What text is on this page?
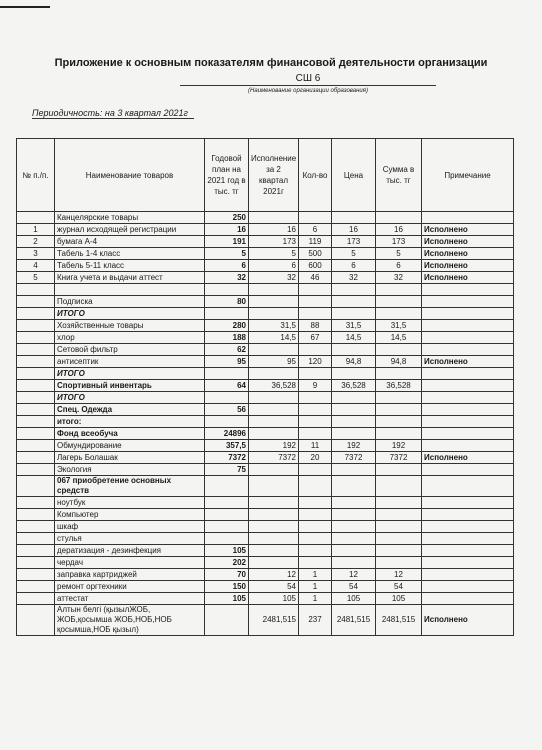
Приложение к основным показателям финансовой деятельности организации
СШ 6
(Наименование организации образования)
Периодичность: на 3 квартал 2021г
№ п./п.	Наименование товаров	Годовой план на 2021 год в тыс. тг	Исполнение за 2 квартал 2021г	Кол-во	Цена	Сумма в тыс. тг	Примечание
	Канцелярские товары	250					
1	журнал исходящей регистрации	16	16	6	16	16	Исполнено
2	бумага А-4	191	173	119	173	173	Исполнено
3	Табель 1-4 класс	5	5	500	5	5	Исполнено
4	Табель 5-11 класс	6	6	600	6	6	Исполнено
5	Книга учета и выдачи аттест	32	32	46	32	32	Исполнено

	Подписка	80					
	ИТОГО						
	Хозяйственные товары	280	31,5	88	31,5	31,5	
	хлор	188	14,5	67	14,5	14,5	
	Сетовой фильтр	62					
	антисептик	95	95	120	94,8	94,8	Исполнено
	ИТОГО						
	Спортивный инвентарь	64	36,528	9	36,528	36,528	
	ИТОГО						
	Спец. Одежда	56					
	итого:						
	Фонд всеобуча	24896					
	Обмундирование	357,5	192	11	192	192	
	Лагерь Болашак	7372	7372	20	7372	7372	Исполнено
	Экология	75					
	067 приобретение основных средств						
	ноутбук						
	Компьютер						
	шкаф						
	стулья						
	дератизация - дезинфекция	105					
	чердач	202					
	заправка картриджей	70	12	1	12	12	
	ремонт оргтехники	150	54	1	54	54	
	аттестат	105	105	1	105	105	
	Алтын белгі (қызылЖОБ, ЖОБ,қосымша ЖОБ,НОБ,НОБ қосымша,НОБ қызыл)		2481,515	237	2481,515	2481,515	Исполнено
